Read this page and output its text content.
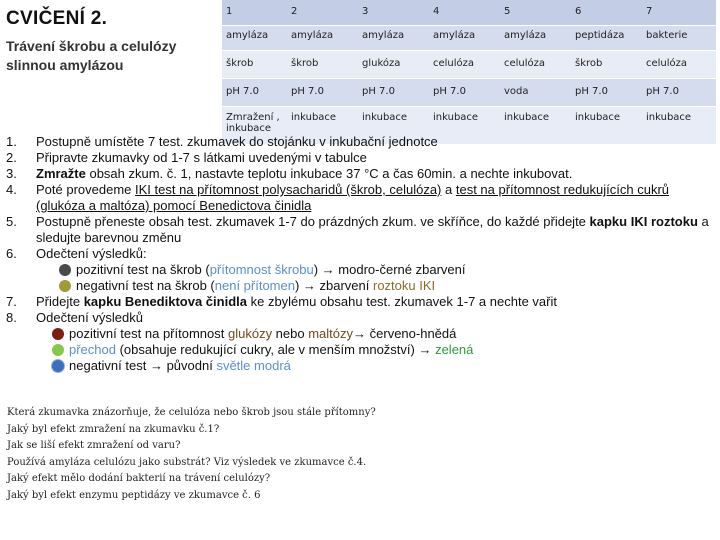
CVIČENÍ 2.
Trávení škrobu a celulózy slinnou amylázou
1	2	3	4	5	6	7
amyláza	amyláza	amyláza	amyláza	amyláza	peptidáza	bakterie
škrob	škrob	glukóza	celulóza	celulóza	škrob	celulóza
pH 7.0	pH 7.0	pH 7.0	pH 7.0	voda	pH 7.0	pH 7.0
Zmražení , inkubace	inkubace	inkubace	inkubace	inkubace	inkubace	inkubace
1.	Postupně umístěte 7 test. zkumavek do stojánku v inkubační jednotce
2.	Připravte zkumavky od 1-7 s látkami uvedenými v tabulce
3.	Zmražte obsah zkum. č. 1, nastavte teplotu inkubace 37 °C a čas 60min. a nechte inkubovat.
4.	Poté provedeme IKI test na přítomnost polysacharidů (škrob, celulóza) a test na přítomnost redukujících cukrů (glukóza a maltóza) pomocí Benedictova činidla
5.	Postupně přeneste obsah test. zkumavek 1-7 do prázdných zkum. ve skříňce, do každé přidejte kapku IKI roztoku a sledujte barevnou změnu
6.	Odečtení výsledků:
pozitivní test na škrob (přítomnost škrobu) → modro-černé zbarvení
negativní test na škrob (není přítomen) → zbarvení roztoku IKI
7.	Přidejte kapku Benediktova činidla ke zbylému obsahu test. zkumavek 1-7 a nechte vařit
8.	Odečtení výsledků
pozitivní test na přítomnost glukózy nebo maltózy→ červeno-hnědá
přechod (obsahuje redukující cukry, ale v menším množství) → zelená
negativní test → původní světle modrá
Která zkumavka znázorňuje, že celulóza nebo škrob jsou stále přítomny?
Jaký byl efekt zmražení na zkumavku č.1?
Jak se liší efekt zmražení od varu?
Používá amyláza celulózu jako substrát? Viz výsledek ve zkumavce č.4.
Jaký efekt mělo dodání bakterií na trávení celulózy?
Jaký byl efekt enzymu peptidázy ve zkumavce č. 6
